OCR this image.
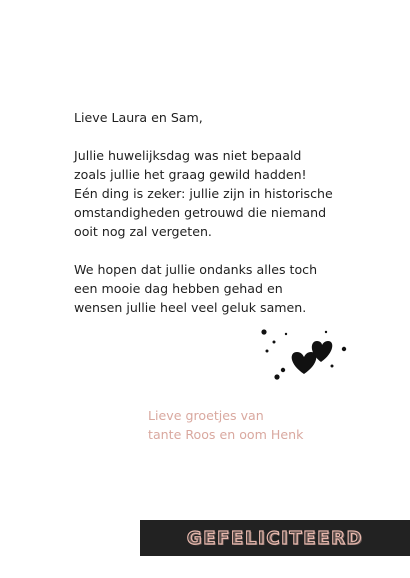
Lieve Laura en Sam,

Jullie huwelijksdag was niet bepaald
zoals jullie het graag gewild hadden!
Eén ding is zeker: jullie zijn in historische
omstandigheden getrouwd die niemand
ooit nog zal vergeten.

We hopen dat jullie ondanks alles toch
een mooie dag hebben gehad en
wensen jullie heel veel geluk samen.

Lieve groetjes van
tante Roos en oom Henk
GEFELICITEERD
